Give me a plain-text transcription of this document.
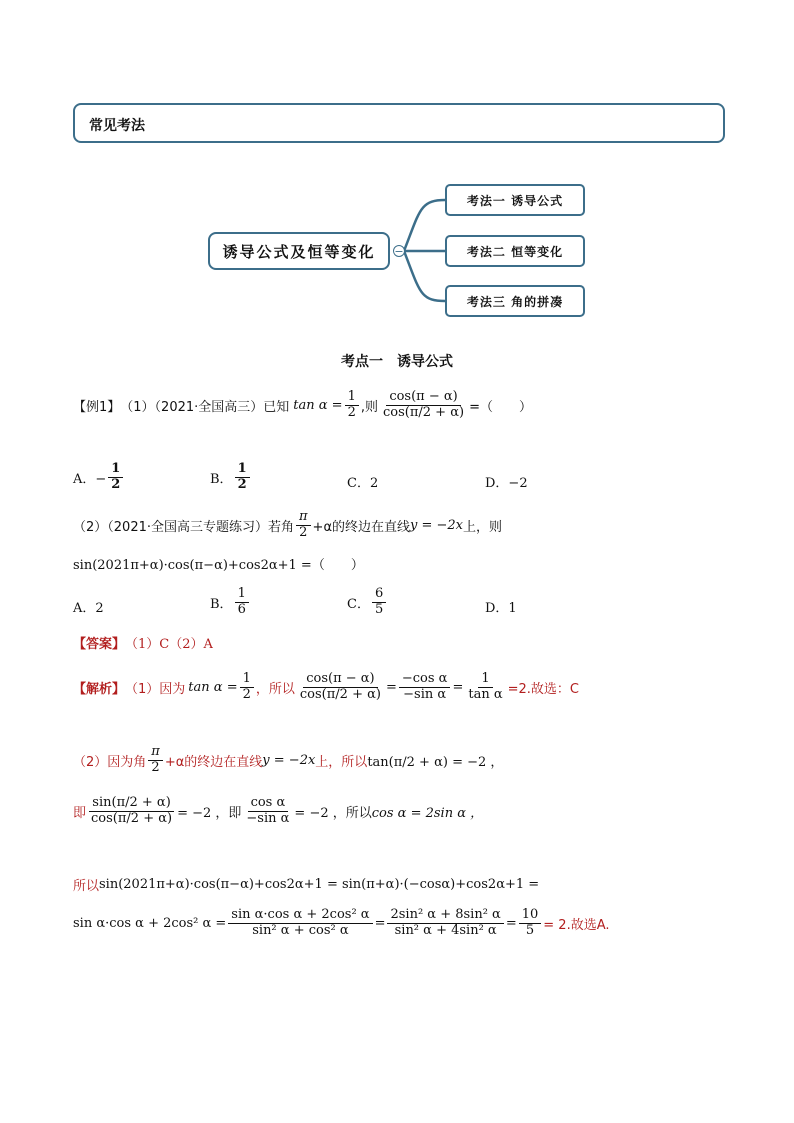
常见考法
诱导公式及恒等变化	−
考法一 诱导公式
考法二 恒等变化
考法三 角的拼凑
考点一　诱导公式
【例1】 （1）（2021·全国高三）已知 $\tan \alpha = \frac{1}{2}$ ,则 $\frac{\cos(\pi - \alpha)}{\cos(\pi/2 + \alpha)}$ =（　　）
A．− $\frac{1}{2}$	B． $\frac{1}{2}$	C．2	D．−2
（2）（2021·全国高三专题练习）若角 $\frac{\pi}{2} +\alpha$的终边在直线 y = −2x 上，则
sin(2021π+α)·cos(π−α)+cos2α+1 =（　　）
A．2	B． $\frac{1}{6}$	C． $\frac{6}{5}$	D．1
【答案】 （1）C（2）A
【解析】 （1）因为 $\tan \alpha = \frac{1}{2}$ ，所以 $\frac{\cos(\pi - \alpha)}{\cos(\pi/2 + \alpha)} = \frac{\text{−cos α}}{\text{−sin α}} = \frac{1}{\text{tan α}} =2$.故选：C
（2）因为角 $\frac{\pi}{2} +\alpha$的终边在直线 y = −2x 上，所以 tan(π/2 + α) = −2 ，
即 $\frac{\sin(\pi/2 + \alpha)}{\cos(\pi/2 + \alpha)} = -2$ ，即 $\frac{\text{cos α}}{\text{−sin α}} = -2$ ，所以 cos α = 2sin α ，
所以 sin(2021π+α)·cos(π−α)+cos2α+1 = sin(π+α)·(−cosα)+cos2α+1 =
sin α·cos α + 2cos² $\alpha = \frac{\text{sin α·cos α + 2cos² α}}{\text{sin² α + cos² α}} = \frac{\text{2sin² α + 8sin² α}}{\text{sin² α + 4sin² α}} = \frac{10}{5} = 2$.故选A.
